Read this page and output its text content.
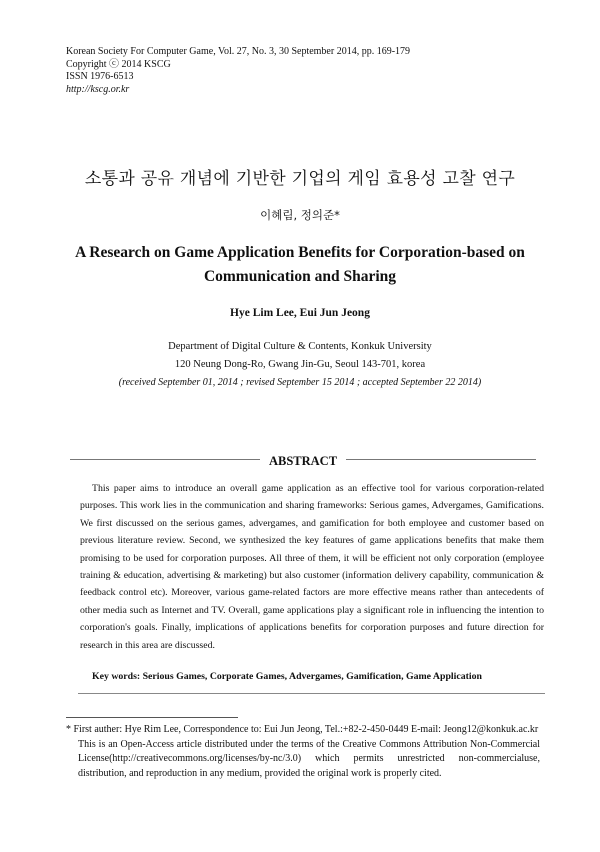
Korean Society For Computer Game, Vol. 27, No. 3, 30 September 2014, pp. 169-179
Copyright ⓒ 2014 KSCG
ISSN 1976-6513
http://kscg.or.kr
소통과 공유 개념에 기반한 기업의 게임 효용성 고찰 연구
이혜림, 정의준*
A Research on Game Application Benefits for Corporation-based on Communication and Sharing
Hye Lim Lee, Eui Jun Jeong
Department of Digital Culture & Contents, Konkuk University
120 Neung Dong-Ro, Gwang Jin-Gu, Seoul 143-701, korea
(received September 01, 2014 ; revised September 15 2014 ; accepted September 22 2014)
ABSTRACT
This paper aims to introduce an overall game application as an effective tool for various corporation-related purposes. This work lies in the communication and sharing frameworks: Serious games, Advergames, Gamifications. We first discussed on the serious games, advergames, and gamification for both employee and customer based on previous literature review. Second, we synthesized the key features of game applications benefits that make them promising to be used for corporation purposes. All three of them, it will be efficient not only corporation (employee training & education, advertising & marketing) but also customer (information delivery capability, communication & feedback control etc). Moreover, various game-related factors are more effective means rather than antecedents of other media such as Internet and TV. Overall, game applications play a significant role in influencing the intention to corporation's goals. Finally, implications of applications benefits for corporation purposes and future direction for research in this area are discussed.
Key words: Serious Games, Corporate Games, Advergames, Gamification, Game Application

* First auther: Hye Rim Lee, Correspondence to: Eui Jun Jeong, Tel.:+82-2-450-0449 E-mail: Jeong12@konkuk.ac.kr

This is an Open-Access article distributed under the terms of the Creative Commons Attribution Non-Commercial License(http://creativecommons.org/licenses/by-nc/3.0) which permits unrestricted non-commercialuse, distribution, and reproduction in any medium, provided the original work is properly cited.
